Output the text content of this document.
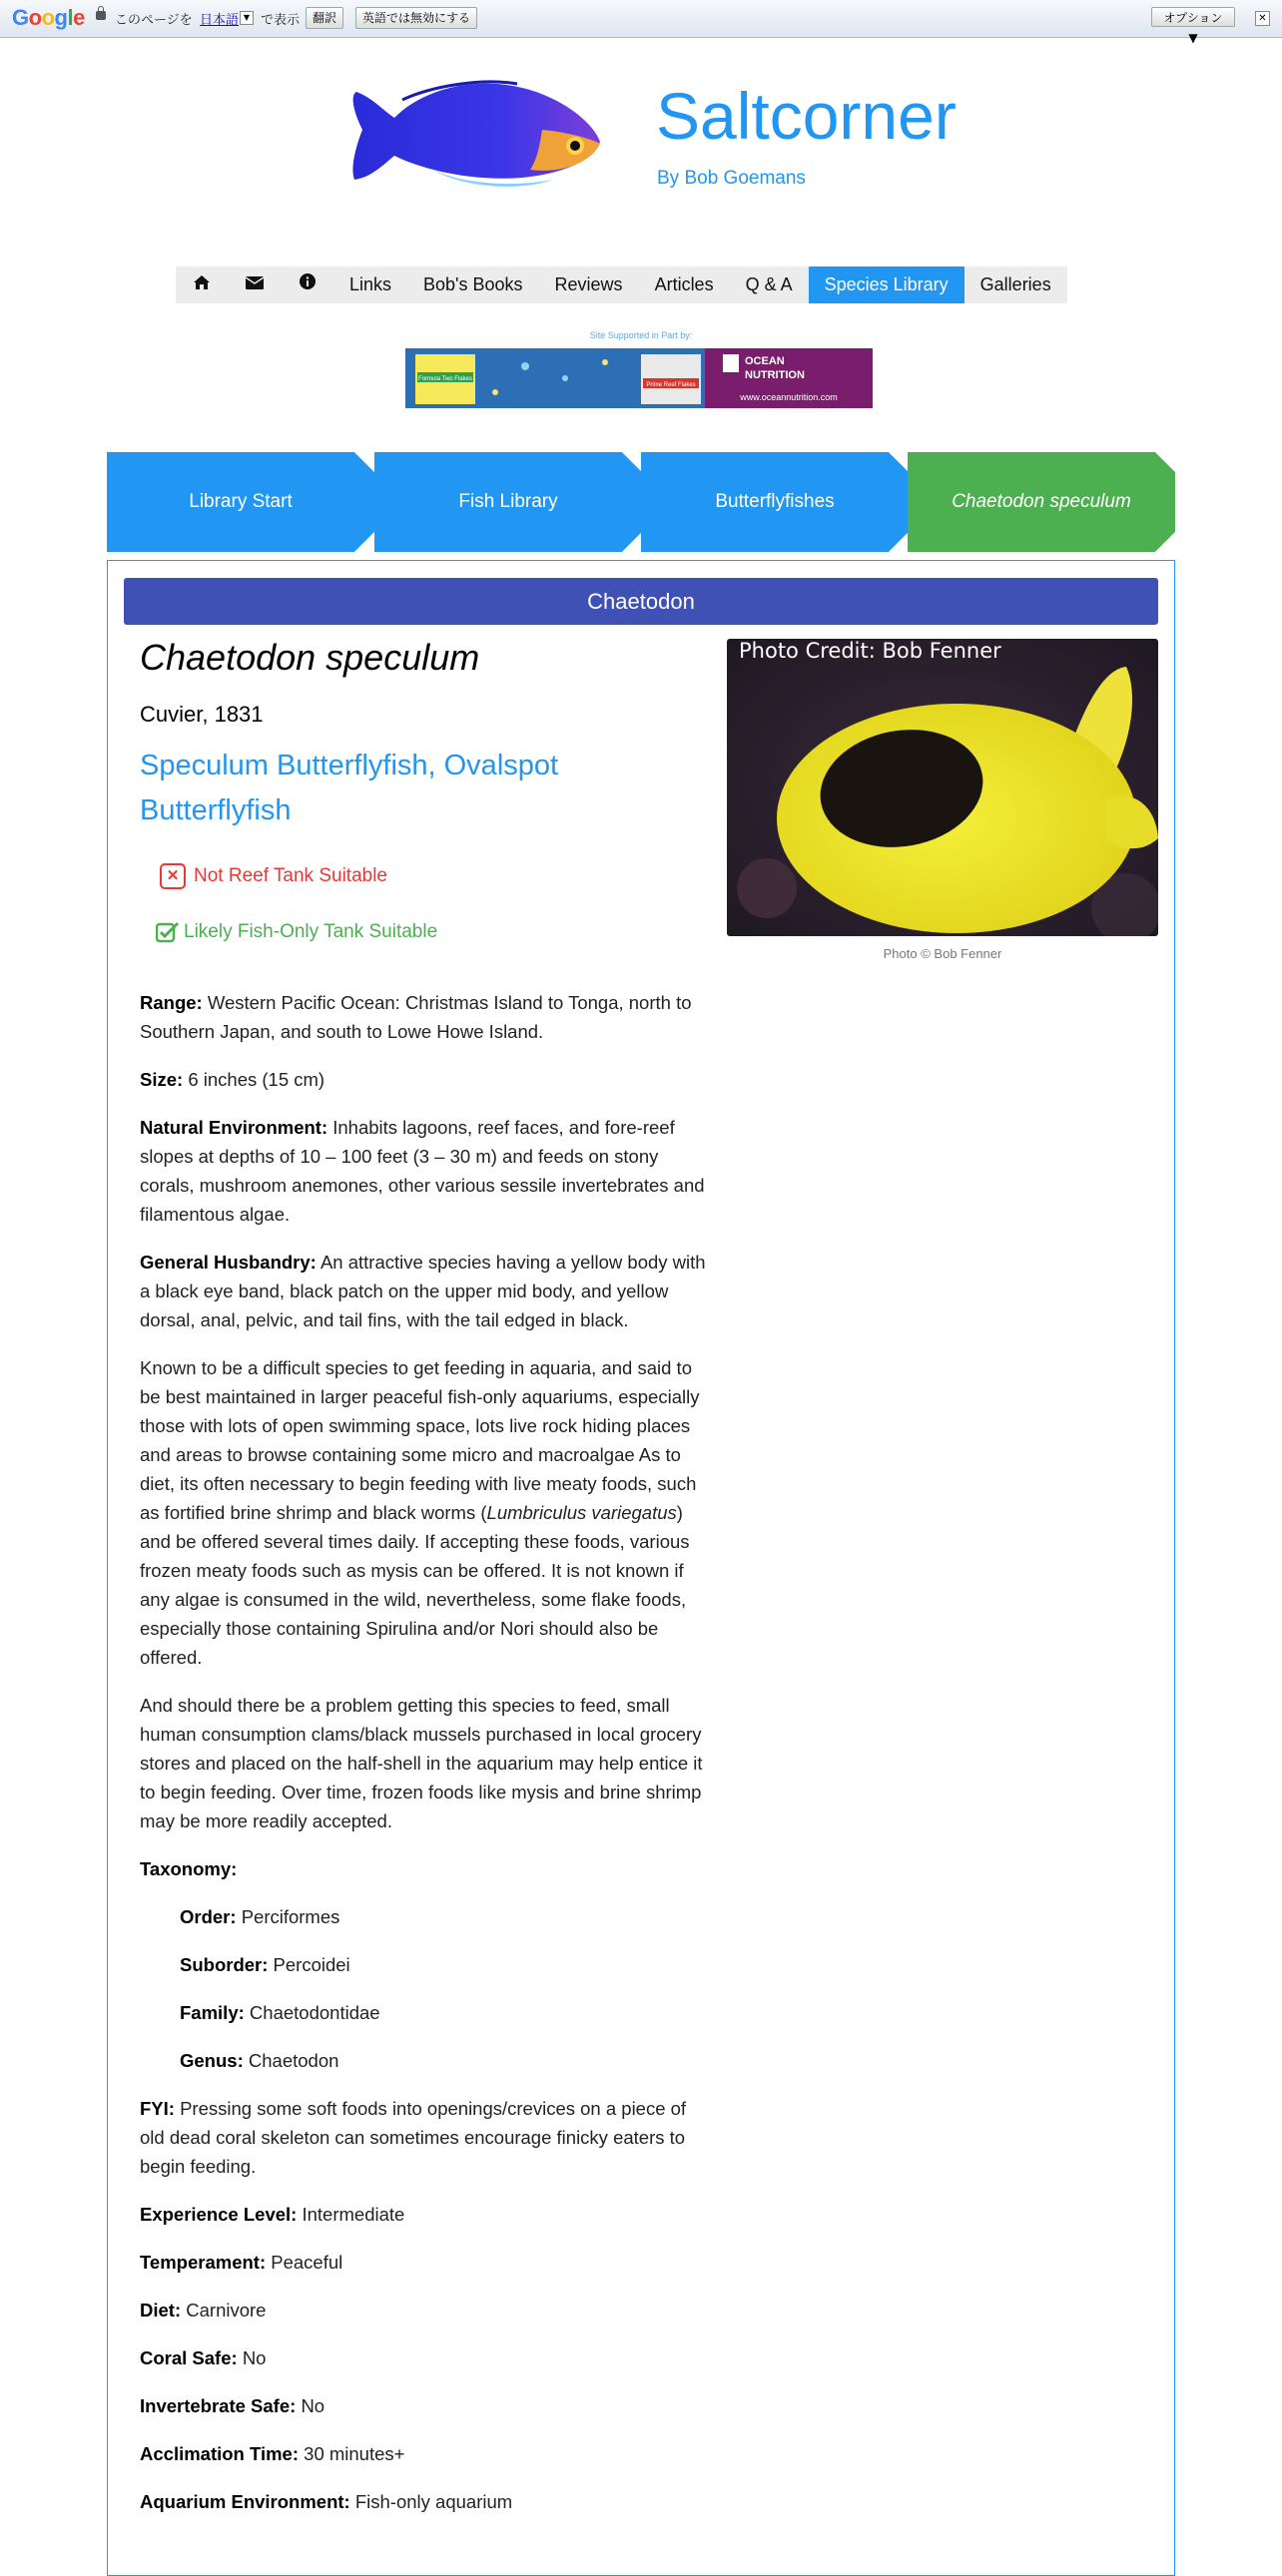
Google このページを 日本語 ▼ で表示	翻訳	英語では無効にする	オプション ▼
✕
Saltcorner
By Bob Goemans
Links	Bob's Books	Reviews	Articles	Q & A	Species Library	Galleries
Site Supported in Part by:
Formula Two Flakes
Prime Reef Flakes
OCEAN
NUTRITION
www.oceannutrition.com
Library Start	Fish Library	Butterflyfishes	Chaetodon speculum
Chaetodon
Chaetodon speculum
Cuvier, 1831
Speculum Butterflyfish, Ovalspot Butterflyfish
✕ Not Reef Tank Suitable
Likely Fish-Only Tank Suitable
Photo Credit: Bob Fenner
Photo © Bob Fenner

Range: Western Pacific Ocean: Christmas Island to Tonga, north to Southern Japan, and south to Lowe Howe Island.

Size: 6 inches (15 cm)

Natural Environment: Inhabits lagoons, reef faces, and fore-reef slopes at depths of 10 – 100 feet (3 – 30 m) and feeds on stony corals, mushroom anemones, other various sessile invertebrates and filamentous algae.

General Husbandry: An attractive species having a yellow body with a black eye band, black patch on the upper mid body, and yellow dorsal, anal, pelvic, and tail fins, with the tail edged in black.

Known to be a difficult species to get feeding in aquaria, and said to be best maintained in larger peaceful fish-only aquariums, especially those with lots of open swimming space, lots live rock hiding places and areas to browse containing some micro and macroalgae As to diet, its often necessary to begin feeding with live meaty foods, such as fortified brine shrimp and black worms (Lumbriculus variegatus) and be offered several times daily. If accepting these foods, various frozen meaty foods such as mysis can be offered. It is not known if any algae is consumed in the wild, nevertheless, some flake foods, especially those containing Spirulina and/or Nori should also be offered.

And should there be a problem getting this species to feed, small human consumption clams/black mussels purchased in local grocery stores and placed on the half-shell in the aquarium may help entice it to begin feeding. Over time, frozen foods like mysis and brine shrimp may be more readily accepted.

Taxonomy:

Order: Perciformes

Suborder: Percoidei

Family: Chaetodontidae

Genus: Chaetodon

FYI: Pressing some soft foods into openings/crevices on a piece of old dead coral skeleton can sometimes encourage finicky eaters to begin feeding.

Experience Level: Intermediate

Temperament: Peaceful

Diet: Carnivore

Coral Safe: No

Invertebrate Safe: No

Acclimation Time: 30 minutes+

Aquarium Environment: Fish-only aquarium
